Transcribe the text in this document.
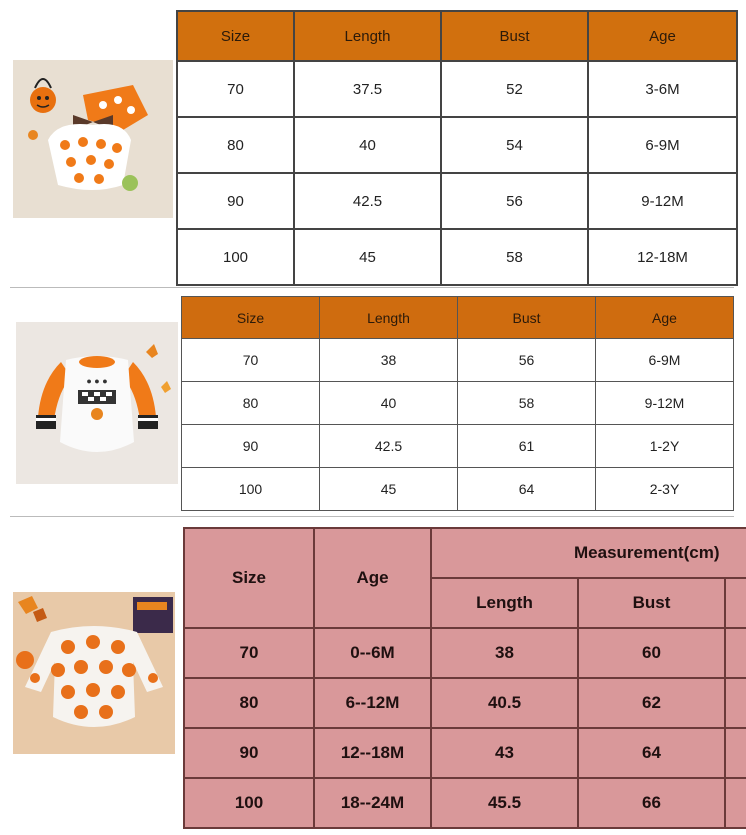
Size	Length	Bust	Age
70	37.5	52	3-6M
80	40	54	6-9M
90	42.5	56	9-12M
100	45	58	12-18M
● ● ●
Size	Length	Bust	Age
70	38	56	6-9M
80	40	58	9-12M
90	42.5	61	1-2Y
100	45	64	2-3Y
Size	Age	Measurement(cm)		
		Length	Bust	
70	0--6M	38	60	
80	6--12M	40.5	62	
90	12--18M	43	64	
100	18--24M	45.5	66	
